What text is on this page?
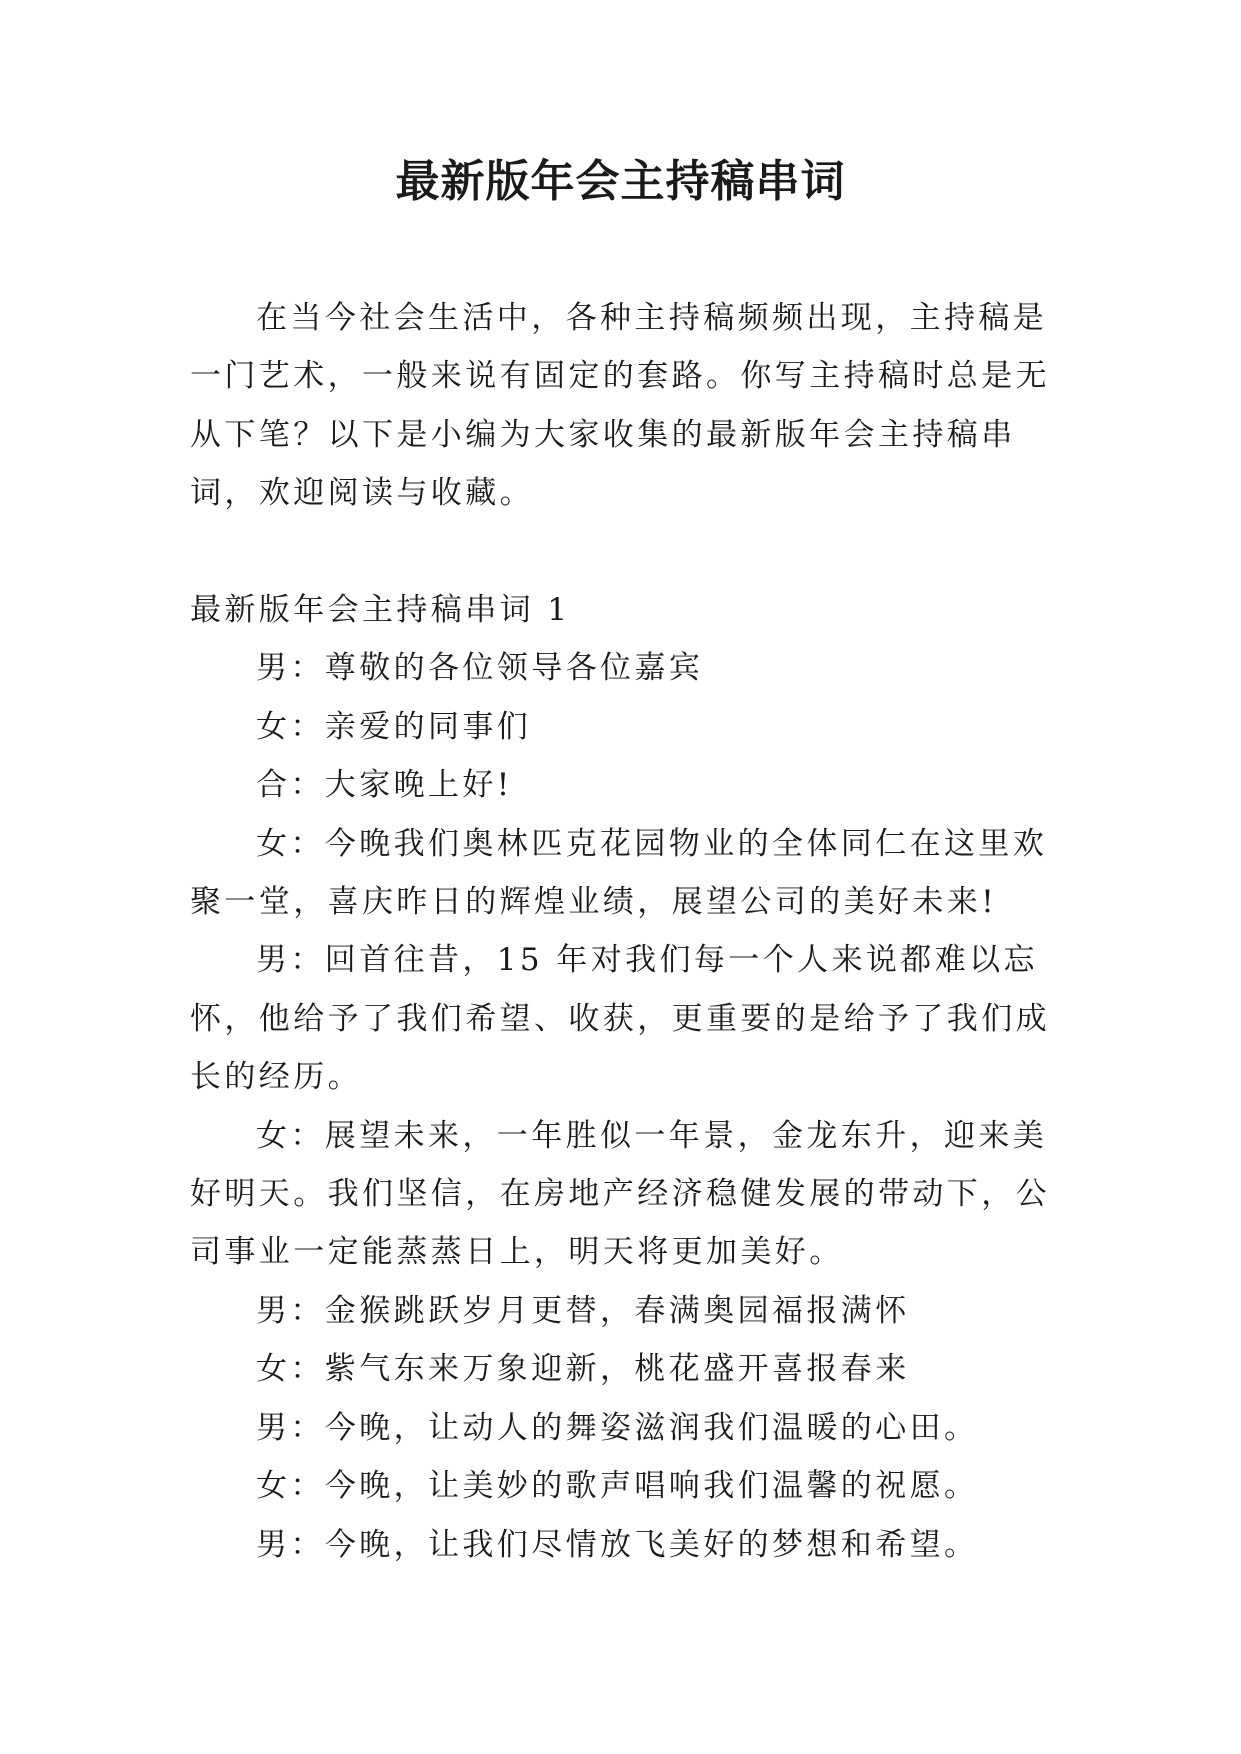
最新版年会主持稿串词

在当今社会生活中，各种主持稿频频出现，主持稿是一门艺术，一般来说有固定的套路。你写主持稿时总是无从下笔？以下是小编为大家收集的最新版年会主持稿串词，欢迎阅读与收藏。

最新版年会主持稿串词 1

男：尊敬的各位领导各位嘉宾

女：亲爱的同事们

合：大家晚上好!

女：今晚我们奥林匹克花园物业的全体同仁在这里欢聚一堂，喜庆昨日的辉煌业绩，展望公司的美好未来!

男：回首往昔，15 年对我们每一个人来说都难以忘怀，他给予了我们希望、收获，更重要的是给予了我们成长的经历。

女：展望未来，一年胜似一年景，金龙东升，迎来美好明天。我们坚信，在房地产经济稳健发展的带动下，公司事业一定能蒸蒸日上，明天将更加美好。

男：金猴跳跃岁月更替，春满奥园福报满怀

女：紫气东来万象迎新，桃花盛开喜报春来

男：今晚，让动人的舞姿滋润我们温暖的心田。

女：今晚，让美妙的歌声唱响我们温馨的祝愿。

男：今晚，让我们尽情放飞美好的梦想和希望。
